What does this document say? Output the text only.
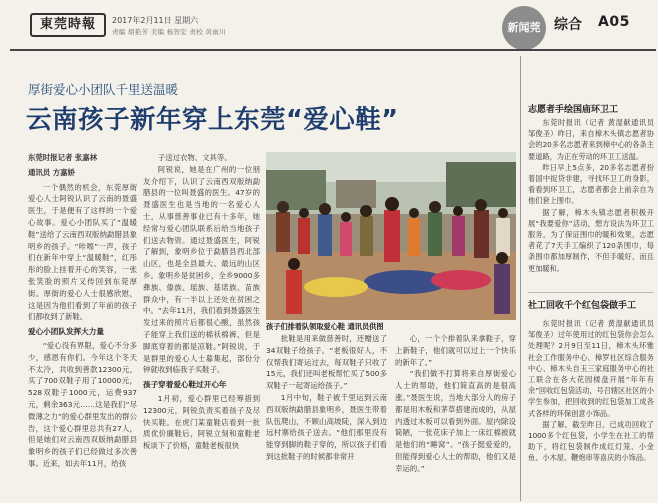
東莞時報	2017年2月11日 星期六
责编 胡艳芳 美编 杨智宏 责校 黄雨川	新闻莞 综合 A05
厚街爱心小团队千里送温暖
云南孩子新年穿上东莞“爱心鞋”

东莞时报记者 张嘉林

通讯员 方嘉娇

一个偶然的机会，东莞厚街爱心人士阿锐认识了云南的聂盛医生，于是便有了这样的一个爱心故事。爱心小团队买了“温暖鞋”送给了云南西双版纳勐腊县象明乡的孩子。“咔嚓”一声，孩子们在新年中穿上“温暖鞋”，红彤彤的脸上挂着开心的笑容，一张张笑脸的照片又传回到东莞厚街。厚街的爱心人士很感欣慰，这是因为他们看到了年前的孩子们都收到了新鞋。

爱心小团队发挥大力量

“爱心没有界限，爱心不分多少，感恩有你们。今年这个冬天不太冷，共收到善款12300元，买了700双鞋子用了10000元，528双鞋子1000元，运费937元，剩余363元……这是我们“尽微薄之力”的爱心群里发出的群公告，这个爱心群里总共有27人，但是她们对云南西双版纳勐腊县象明乡的孩子们已经做过多次善事。近来，如去年11月，给孩

子送过衣物、文具等。

阿锐说，她是在广州的一位朋友介绍下，认识了云南西双版纳勐腊县的一位叫聂盛的医生。47岁的聂盛医生也是当地的一名爱心人士，从事慈善事业已有十多年，她经常与爱心团队联系后给当地孩子们送去物资。通过聂盛医生，阿锐了解到，象明乡位于勐腊县西北部山区，也是全县最大、最远的山区乡。象明乡是贫困乡，全乡9000多彝族、傣族、瑶族、基诺族、苗族群众中，有一半以上还处在贫困之中。“去年11月，我们看到聂盛医生发过来的照片后都很心酸，虽然孩子能穿上我们送的棉袄棉裤，但是脚底穿着的都是凉鞋。”阿锐说，于是群里的爱心人士募集起，部份分钟就收到临我子买鞋子。

孩子穿着爱心鞋过开心年

1月初，爱心群里已经筹措到12300元，阿锐负责买着孩子及尽快买鞋。在虎门某童鞋店看到一批质优价廉鞋后，阿锐立刻和童鞋老板谈下了价格，童鞋老板很快

孩子们排着队领取爱心鞋 通讯员供图

批鞋是用来做慈善时，还赠送了34双鞋子给孩子。“老板很好人，不仅帮我们寄运过去，每双鞋子只收了15元，我们还叫老板帮忙买了500多双鞋子一起寄运给孩子。”

1月中旬，鞋子被千里运到云南西双版纳勐腊县象明乡，聂医生带着队伍爬山，不顾山高坡陡，深入到边远村寨给孩子送去。“他们那里没有能穿到脚的鞋子穿的，所以孩子们看到这批鞋子的时候都非常开

心，一个个排着队来拿鞋子，穿上新鞋子，他们就可以过上一个快乐的新年了。”

“我们做不打算将来自厚街爱心人士的帮助，他们简直高的是很高涨。”聂医生说，当地大部分人的房子都是用木板和茅草搭建而成的，从屋内透过木板可以看到外面。屋内除设简陋，一张花床子加上一床红棉被就是他们的“睡窝”。“孩子挺爱爱的，但能得到爱心人士的帮助，他们又是幸运的。”

志愿者手绘国庙环卫工

东莞时报讯（记者 黄湿献通讯员 邹俊圣）昨日，来自樟木头镇志愿者协会的20多名志愿者来到樟中心的各条主要道路，为正在劳动的环卫工送温。

昨日早上5点多，20多名志愿者扮着国中捉贷非建，寻找环卫工的身影，看看到环卫工，志愿者都会上前亲自为他们套上围巾。

据了解，樟木头镇志愿者积极开展“我要爱你”活动，想方设法为环卫工服务，为了保证围巾的暖和效果，志愿者花了7天手工编织了120条围巾，每条围巾都加厚制作，不但手暖好，而且更加暖和。

社工回收千个红包袋做手工

东莞时报讯（记者 黄湿献通讯员 邹俊圣）过年使用过的红包袋你会怎么处理呢？2月9日至11日，樟木头环雅社会工作服务中心、樟罗社区综合服务中心、樟木头自玉三家庭服务中心的社工联合在各大花园楼盘开展“年年有余”回收红包袋活动，号召辖区社区的小学生参加，把回收到的红包袋加工成各式各样的环保创意小饰品。

据了解，截至昨日，已成功回收了1000多个红包袋，小学生在社工的帮助下，将红包袋制作成红灯笼、小金鱼、小木屋、鞭炮串等喜庆的小饰品。
